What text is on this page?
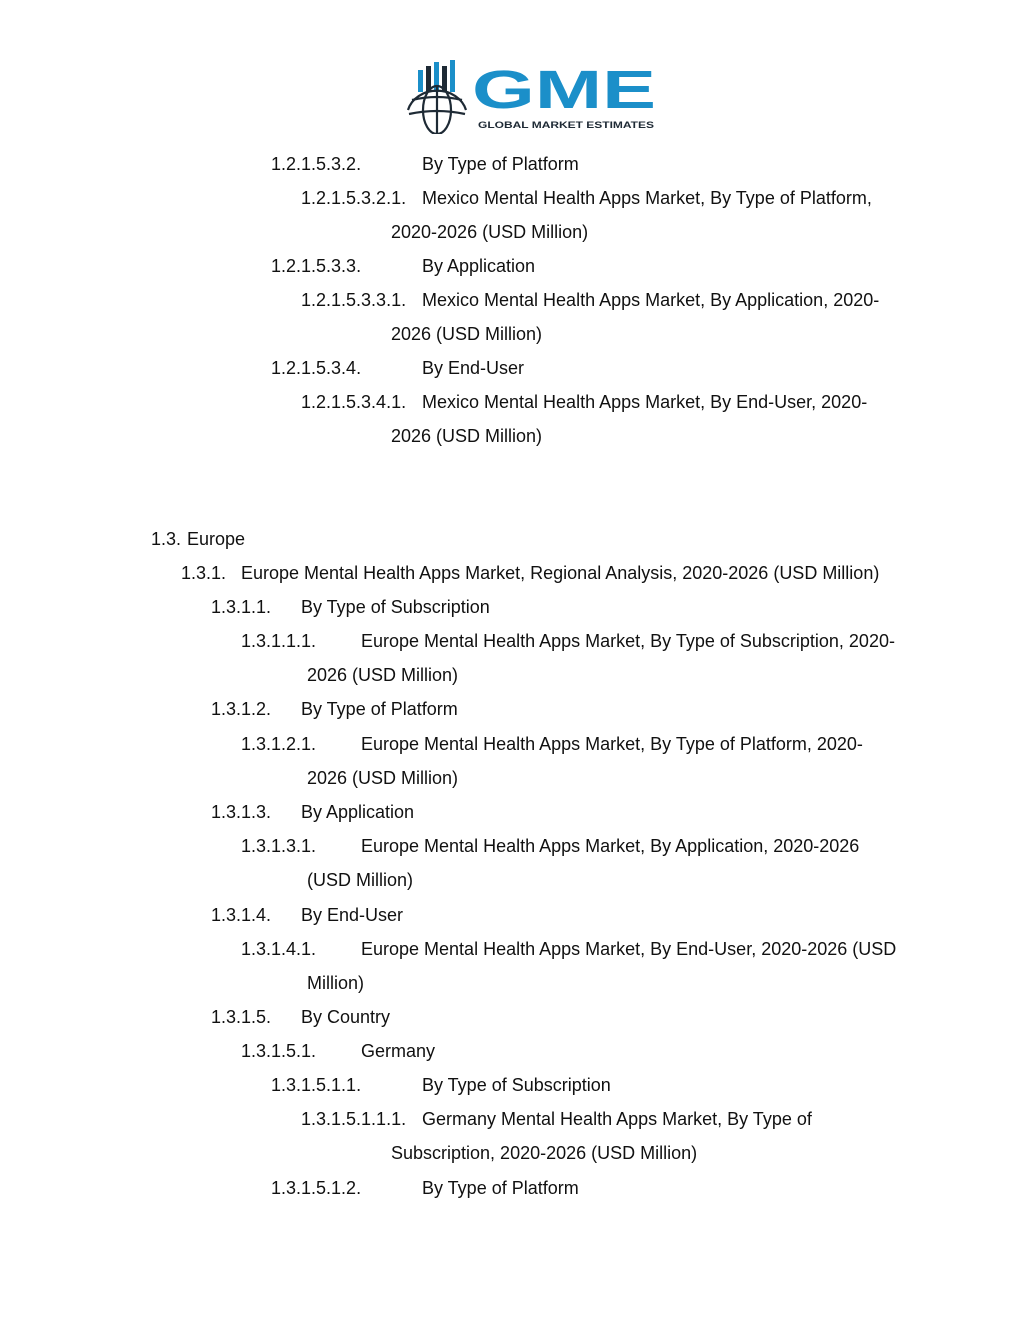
GME
GLOBAL MARKET ESTIMATES
1.2.1.5.3.2.	By Type of Platform
1.2.1.5.3.2.1. Mexico Mental Health Apps Market, By Type of Platform,
2020-2026 (USD Million)
1.2.1.5.3.3.	By Application
1.2.1.5.3.3.1. Mexico Mental Health Apps Market, By Application, 2020-
2026 (USD Million)
1.2.1.5.3.4.	By End-User
1.2.1.5.3.4.1. Mexico Mental Health Apps Market, By End-User, 2020-
2026 (USD Million)
1.3. Europe
1.3.1. Europe Mental Health Apps Market, Regional Analysis, 2020-2026 (USD Million)
1.3.1.1. By Type of Subscription
1.3.1.1.1. Europe Mental Health Apps Market, By Type of Subscription, 2020-
2026 (USD Million)
1.3.1.2. By Type of Platform
1.3.1.2.1. Europe Mental Health Apps Market, By Type of Platform, 2020-
2026 (USD Million)
1.3.1.3. By Application
1.3.1.3.1. Europe Mental Health Apps Market, By Application, 2020-2026
(USD Million)
1.3.1.4. By End-User
1.3.1.4.1. Europe Mental Health Apps Market, By End-User, 2020-2026 (USD
Million)
1.3.1.5. By Country
1.3.1.5.1. Germany
1.3.1.5.1.1.	By Type of Subscription
1.3.1.5.1.1.1. Germany Mental Health Apps Market, By Type of
Subscription, 2020-2026 (USD Million)
1.3.1.5.1.2.	By Type of Platform
